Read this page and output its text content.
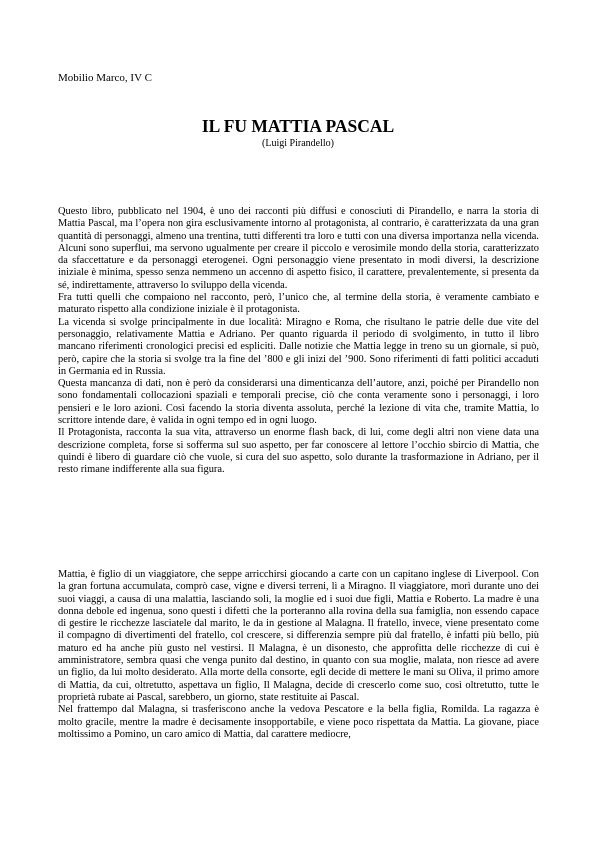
Mobilio Marco, IV C
IL FU MATTIA PASCAL
(Luigi Pirandello)

Questo libro, pubblicato nel 1904, è uno dei racconti più diffusi e conosciuti di Pirandello, e narra la storia di Mattia Pascal, ma l’opera non gira esclusivamente intorno al protagonista, al contrario, è caratterizzata da una gran quantità di personaggi, almeno una trentina, tutti differenti tra loro e tutti con una diversa importanza nella vicenda. Alcuni sono superflui, ma servono ugualmente per creare il piccolo e verosimile mondo della storia, caratterizzato da sfaccettature e da personaggi eterogenei. Ogni personaggio viene presentato in modi diversi, la descrizione iniziale è minima, spesso senza nemmeno un accenno di aspetto fisico, il carattere, prevalentemente, si presenta da sé, indirettamente, attraverso lo sviluppo della vicenda.

Fra tutti quelli che compaiono nel racconto, però, l’unico che, al termine della storia, è veramente cambiato e maturato rispetto alla condizione iniziale è il protagonista.

La vicenda si svolge principalmente in due località: Miragno e Roma, che risultano le patrie delle due vite del personaggio, relativamente Mattia e Adriano. Per quanto riguarda il periodo di svolgimento, in tutto il libro mancano riferimenti cronologici precisi ed espliciti. Dalle notizie che Mattia legge in treno su un giornale, si può, però, capire che la storia si svolge tra la fine del ’800 e gli inizi del ’900. Sono riferimenti di fatti politici accaduti in Germania ed in Russia.

Questa mancanza di dati, non è però da considerarsi una dimenticanza dell’autore, anzi, poiché per Pirandello non sono fondamentali collocazioni spaziali e temporali precise, ciò che conta veramente sono i personaggi, i loro pensieri e le loro azioni. Così facendo la storia diventa assoluta, perché la lezione di vita che, tramite Mattia, lo scrittore intende dare, è valida in ogni tempo ed in ogni luogo.

Il Protagonista, racconta la sua vita, attraverso un enorme flash back, di lui, come degli altri non viene data una descrizione completa, forse si sofferma sul suo aspetto, per far conoscere al lettore l’occhio sbircio di Mattia, che quindi è libero di guardare ciò che vuole, si cura del suo aspetto, solo durante la trasformazione in Adriano, per il resto rimane indifferente alla sua figura.

Mattia, è figlio di un viaggiatore, che seppe arricchirsi giocando a carte con un capitano inglese di Liverpool. Con la gran fortuna accumulata, comprò case, vigne e diversi terreni, lì a Miragno. Il viaggiatore, morì durante uno dei suoi viaggi, a causa di una malattia, lasciando soli, la moglie ed i suoi due figli, Mattia e Roberto. La madre è una donna debole ed ingenua, sono questi i difetti che la porteranno alla rovina della sua famiglia, non essendo capace di gestire le ricchezze lasciatele dal marito, le da in gestione al Malagna. Il fratello, invece, viene presentato come il compagno di divertimenti del fratello, col crescere, si differenzia sempre più dal fratello, è infatti più bello, più maturo ed ha anche più gusto nel vestirsi. Il Malagna, è un disonesto, che approfitta delle ricchezze di cui è amministratore, sembra quasi che venga punito dal destino, in quanto con sua moglie, malata, non riesce ad avere un figlio, da lui molto desiderato. Alla morte della consorte, egli decide di mettere le mani su Oliva, il primo amore di Mattia, da cui, oltretutto, aspettava un figlio, Il Malagna, decide di crescerlo come suo, così oltretutto, tutte le proprietà rubate ai Pascal, sarebbero, un giorno, state restituite ai Pascal.

Nel frattempo dal Malagna, si trasferiscono anche la vedova Pescatore e la bella figlia, Romilda. La ragazza è molto gracile, mentre la madre è decisamente insopportabile, e viene poco rispettata da Mattia. La giovane, piace moltissimo a Pomino, un caro amico di Mattia, dal carattere mediocre,
